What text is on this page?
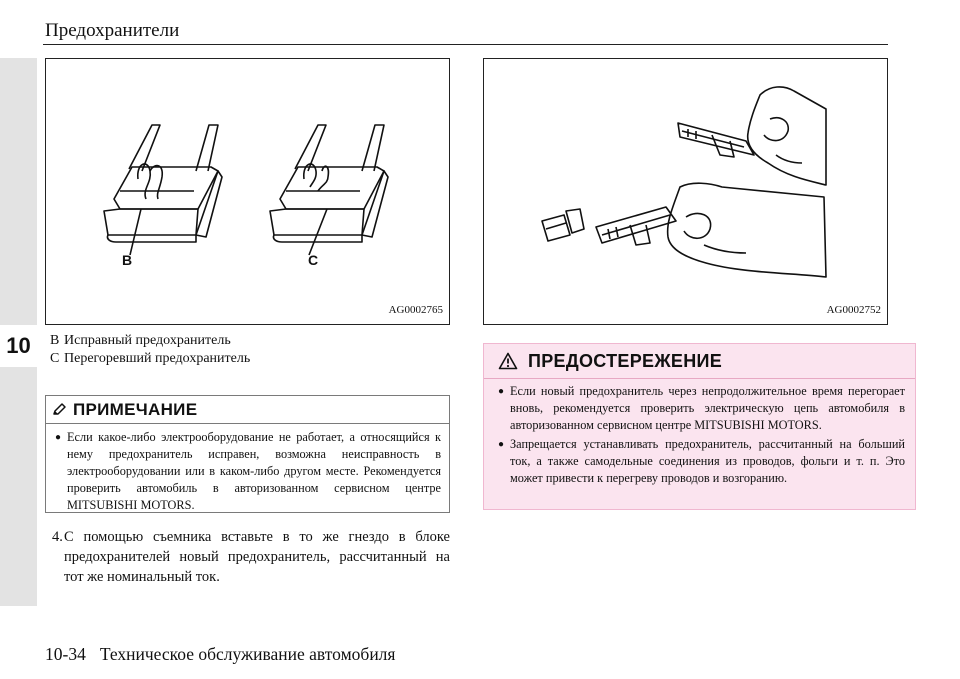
10
Предохранители
B	C
AG0002765	AG0002752
B Исправный предохранитель
C Перегоревший предохранитель
ПРИМЕЧАНИЕ
● Если какое-либо электрооборудование не работает, а относящийся к нему предохранитель исправен, возможна неисправность в электрооборудовании или в каком-либо другом месте. Рекомендуется проверить автомобиль в авторизованном сервисном центре MITSUBISHI MOTORS.
4. С помощью съемника вставьте в то же гнездо в блоке предохранителей новый предохранитель, рассчитанный на тот же номинальный ток.
ПРЕДОСТЕРЕЖЕНИЕ
● Если новый предохранитель через непродолжительное время перегорает вновь, рекомендуется проверить электрическую цепь автомобиля в авторизованном сервисном центре MITSUBISHI MOTORS.
● Запрещается устанавливать предохранитель, рассчитанный на больший ток, а также самодельные соединения из проводов, фольги и т. п. Это может привести к перегреву проводов и возгоранию.
10-34 Техническое обслуживание автомобиля
